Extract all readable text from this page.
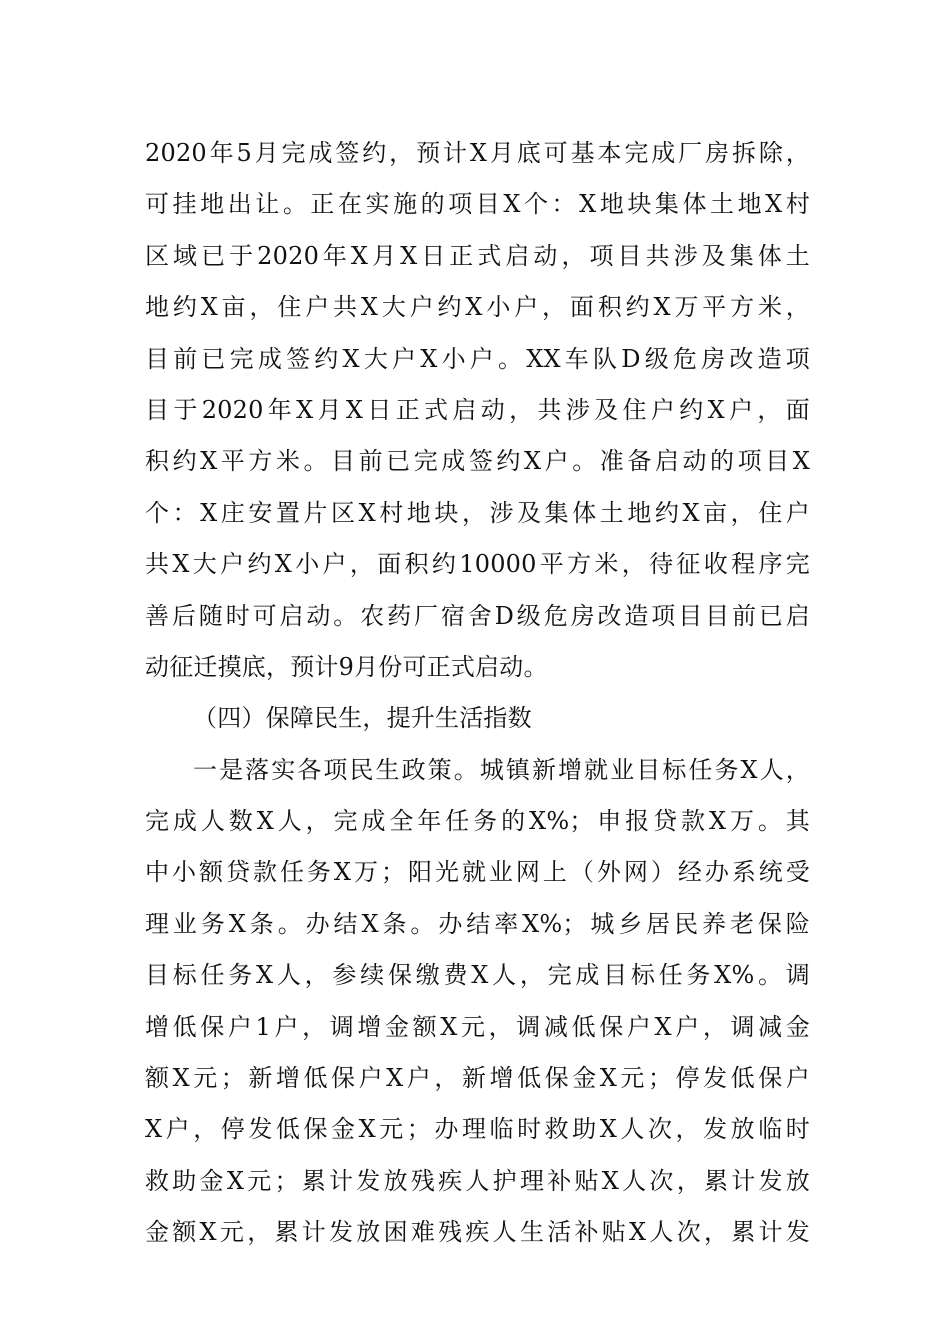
2020年5月完成签约，预计X月底可基本完成厂房拆除，
可挂地出让。正在实施的项目X个：X地块集体土地X村
区域已于2020年X月X日正式启动，项目共涉及集体土
地约X亩，住户共X大户约X小户，面积约X万平方米，
目前已完成签约X大户X小户。XX车队D级危房改造项
目于2020年X月X日正式启动，共涉及住户约X户，面
积约X平方米。目前已完成签约X户。准备启动的项目X
个：X庄安置片区X村地块，涉及集体土地约X亩，住户
共X大户约X小户，面积约10000平方米，待征收程序完
善后随时可启动。农药厂宿舍D级危房改造项目目前已启
动征迁摸底，预计9月份可正式启动。
（四）保障民生，提升生活指数
一是落实各项民生政策。城镇新增就业目标任务X人，
完成人数X人，完成全年任务的X%；申报贷款X万。其
中小额贷款任务X万；阳光就业网上（外网）经办系统受
理业务X条。办结X条。办结率X%；城乡居民养老保险
目标任务X人，参续保缴费X人，完成目标任务X%。调
增低保户1户，调增金额X元，调减低保户X户，调减金
额X元；新增低保户X户，新增低保金X元；停发低保户
X户，停发低保金X元；办理临时救助X人次，发放临时
救助金X元；累计发放残疾人护理补贴X人次，累计发放
金额X元，累计发放困难残疾人生活补贴X人次，累计发
